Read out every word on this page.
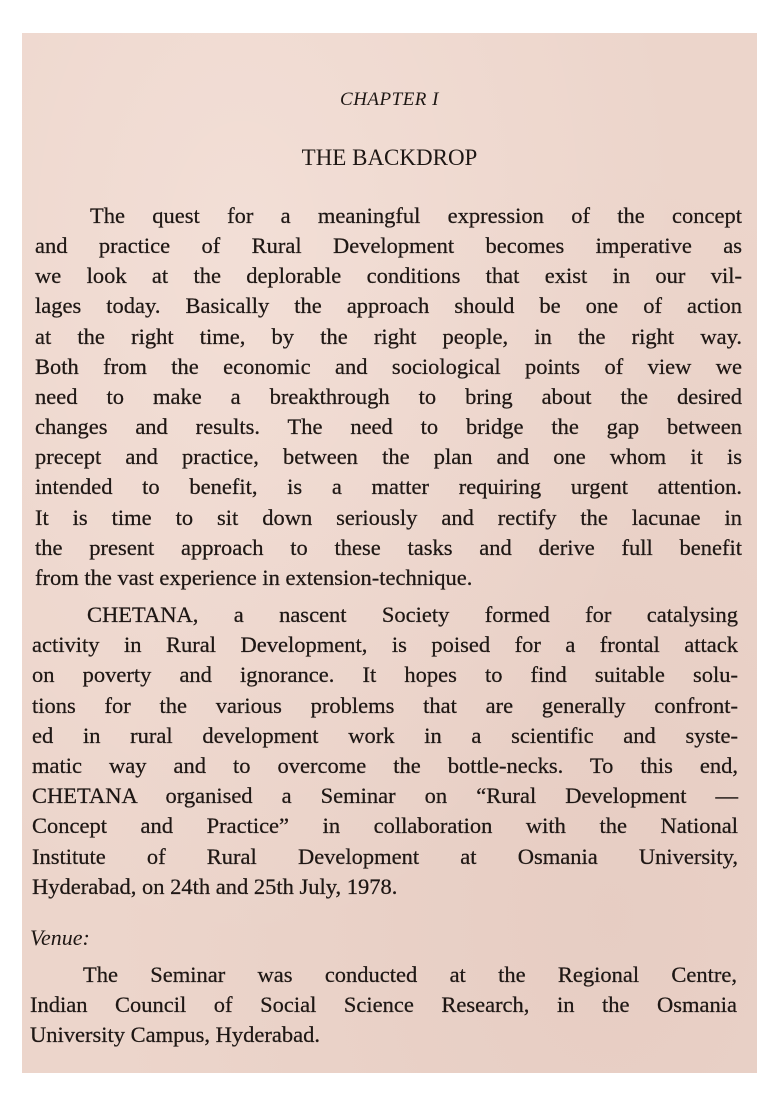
CHAPTER I
THE BACKDROP
The quest for a meaningful expression of the concept
and practice of Rural Development becomes imperative as
we look at the deplorable conditions that exist in our vil-
lages today. Basically the approach should be one of action
at the right time, by the right people, in the right way.
Both from the economic and sociological points of view we
need to make a breakthrough to bring about the desired
changes and results. The need to bridge the gap between
precept and practice, between the plan and one whom it is
intended to benefit, is a matter requiring urgent attention.
It is time to sit down seriously and rectify the lacunae in
the present approach to these tasks and derive full benefit
from the vast experience in extension-technique.
CHETANA, a nascent Society formed for catalysing
activity in Rural Development, is poised for a frontal attack
on poverty and ignorance. It hopes to find suitable solu-
tions for the various problems that are generally confront-
ed in rural development work in a scientific and syste-
matic way and to overcome the bottle-necks. To this end,
CHETANA organised a Seminar on “Rural Development —
Concept and Practice” in collaboration with the National
Institute of Rural Development at Osmania University,
Hyderabad, on 24th and 25th July, 1978.
Venue:
The Seminar was conducted at the Regional Centre,
Indian Council of Social Science Research, in the Osmania
University Campus, Hyderabad.
